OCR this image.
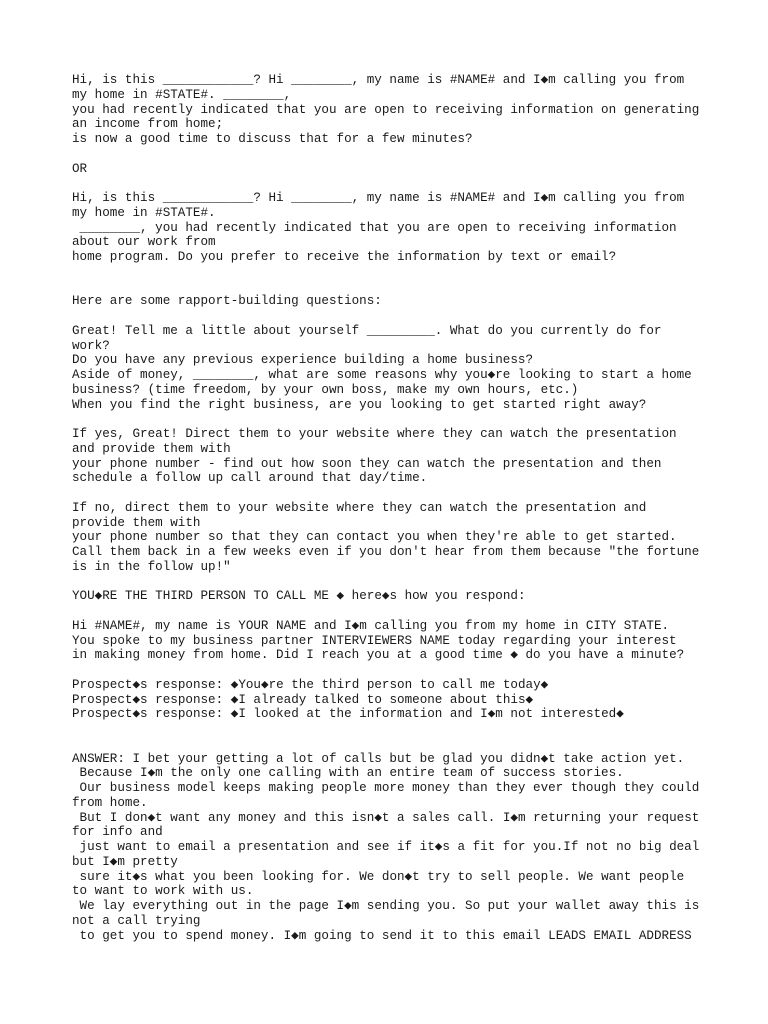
Hi, is this ____________? Hi ________, my name is #NAME# and I◆m calling you from
my home in #STATE#. ________,
you had recently indicated that you are open to receiving information on generating
an income from home;
is now a good time to discuss that for a few minutes?
OR
Hi, is this ____________? Hi ________, my name is #NAME# and I◆m calling you from
my home in #STATE#.
________, you had recently indicated that you are open to receiving information
about our work from
home program. Do you prefer to receive the information by text or email?
Here are some rapport-building questions:
Great! Tell me a little about yourself _________. What do you currently do for
work?
Do you have any previous experience building a home business?
Aside of money, ________, what are some reasons why you◆re looking to start a home
business? (time freedom, by your own boss, make my own hours, etc.)
When you find the right business, are you looking to get started right away?
If yes, Great! Direct them to your website where they can watch the presentation
and provide them with
your phone number - find out how soon they can watch the presentation and then
schedule a follow up call around that day/time.
If no, direct them to your website where they can watch the presentation and
provide them with
your phone number so that they can contact you when they're able to get started.
Call them back in a few weeks even if you don't hear from them because "the fortune
is in the follow up!"
YOU◆RE THE THIRD PERSON TO CALL ME ◆ here◆s how you respond:
Hi #NAME#, my name is YOUR NAME and I◆m calling you from my home in CITY STATE.
You spoke to my business partner INTERVIEWERS NAME today regarding your interest
in making money from home. Did I reach you at a good time ◆ do you have a minute?
Prospect◆s response: ◆You◆re the third person to call me today◆
Prospect◆s response: ◆I already talked to someone about this◆
Prospect◆s response: ◆I looked at the information and I◆m not interested◆
ANSWER: I bet your getting a lot of calls but be glad you didn◆t take action yet.
Because I◆m the only one calling with an entire team of success stories.
Our business model keeps making people more money than they ever though they could
from home.
But I don◆t want any money and this isn◆t a sales call. I◆m returning your request
for info and
just want to email a presentation and see if it◆s a fit for you.If not no big deal
but I◆m pretty
sure it◆s what you been looking for. We don◆t try to sell people. We want people
to want to work with us.
We lay everything out in the page I◆m sending you. So put your wallet away this is
not a call trying
to get you to spend money. I◆m going to send it to this email LEADS EMAIL ADDRESS
